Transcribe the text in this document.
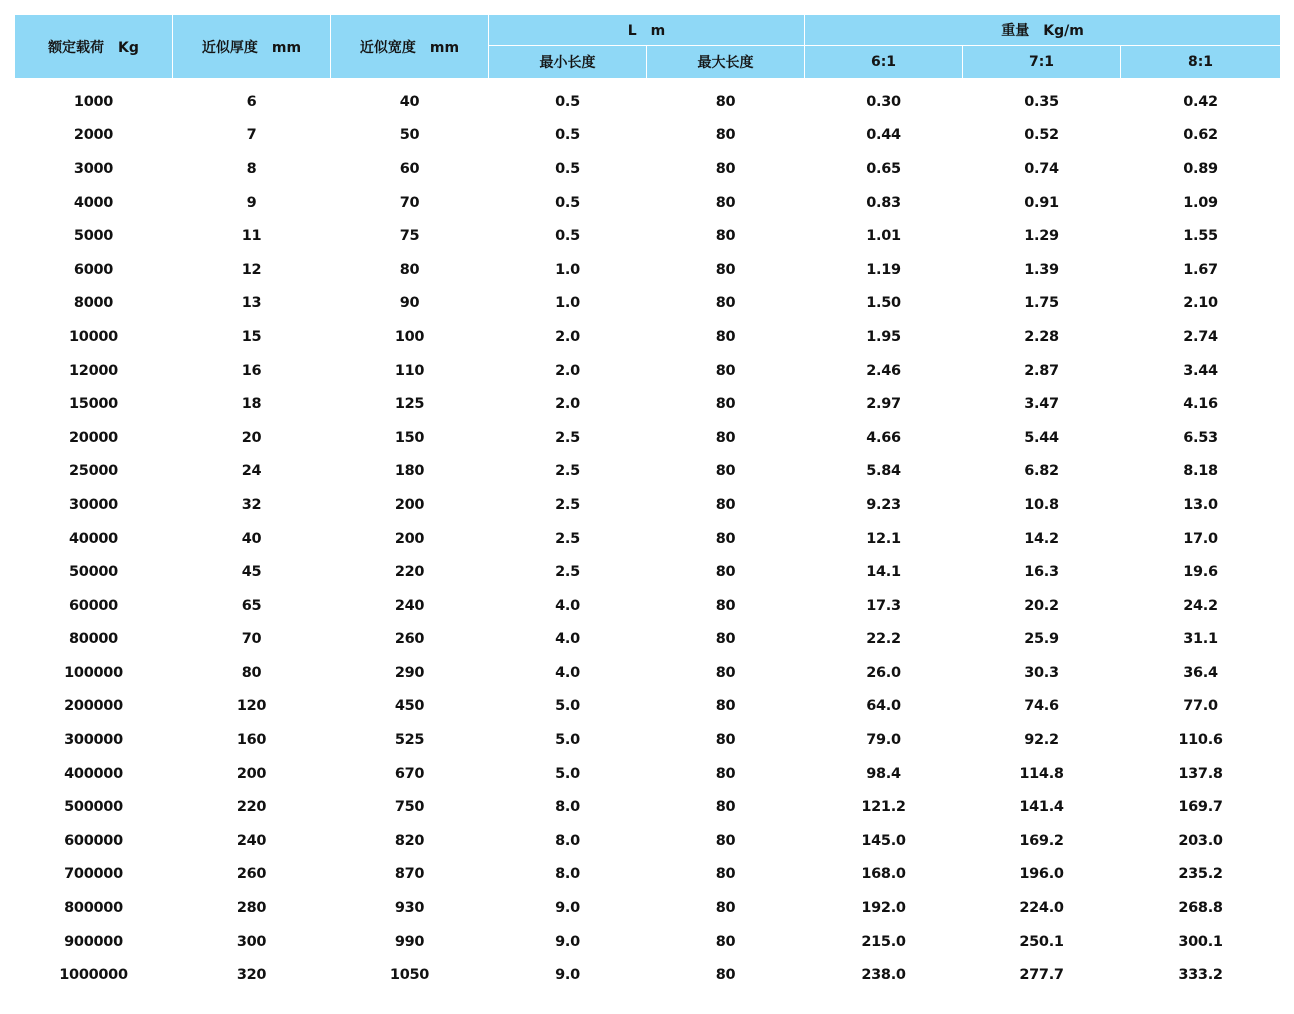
额定载荷　Kg	近似厚度　mm	近似宽度　mm	L　m		重量　Kg/m		
			最小长度	最大长度	6:1	7:1	8:1
1000	6	40	0.5	80	0.30	0.35	0.42
2000	7	50	0.5	80	0.44	0.52	0.62
3000	8	60	0.5	80	0.65	0.74	0.89
4000	9	70	0.5	80	0.83	0.91	1.09
5000	11	75	0.5	80	1.01	1.29	1.55
6000	12	80	1.0	80	1.19	1.39	1.67
8000	13	90	1.0	80	1.50	1.75	2.10
10000	15	100	2.0	80	1.95	2.28	2.74
12000	16	110	2.0	80	2.46	2.87	3.44
15000	18	125	2.0	80	2.97	3.47	4.16
20000	20	150	2.5	80	4.66	5.44	6.53
25000	24	180	2.5	80	5.84	6.82	8.18
30000	32	200	2.5	80	9.23	10.8	13.0
40000	40	200	2.5	80	12.1	14.2	17.0
50000	45	220	2.5	80	14.1	16.3	19.6
60000	65	240	4.0	80	17.3	20.2	24.2
80000	70	260	4.0	80	22.2	25.9	31.1
100000	80	290	4.0	80	26.0	30.3	36.4
200000	120	450	5.0	80	64.0	74.6	77.0
300000	160	525	5.0	80	79.0	92.2	110.6
400000	200	670	5.0	80	98.4	114.8	137.8
500000	220	750	8.0	80	121.2	141.4	169.7
600000	240	820	8.0	80	145.0	169.2	203.0
700000	260	870	8.0	80	168.0	196.0	235.2
800000	280	930	9.0	80	192.0	224.0	268.8
900000	300	990	9.0	80	215.0	250.1	300.1
1000000	320	1050	9.0	80	238.0	277.7	333.2
